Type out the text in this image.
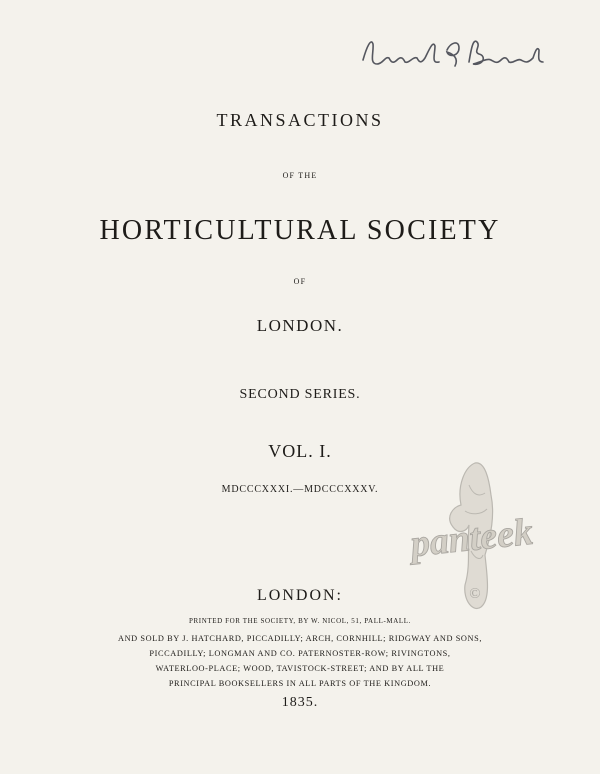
TRANSACTIONS
OF THE
HORTICULTURAL SOCIETY
OF
LONDON.
SECOND SERIES.
VOL. I.
MDCCCXXXI.—MDCCCXXXV.
panteek
©
LONDON:
PRINTED FOR THE SOCIETY, BY W. NICOL, 51, PALL-MALL.
AND SOLD BY J. HATCHARD, PICCADILLY; ARCH, CORNHILL; RIDGWAY AND SONS,
PICCADILLY; LONGMAN AND CO. PATERNOSTER-ROW; RIVINGTONS,
WATERLOO-PLACE; WOOD, TAVISTOCK-STREET; AND BY ALL THE
PRINCIPAL BOOKSELLERS IN ALL PARTS OF THE KINGDOM.
1835.
